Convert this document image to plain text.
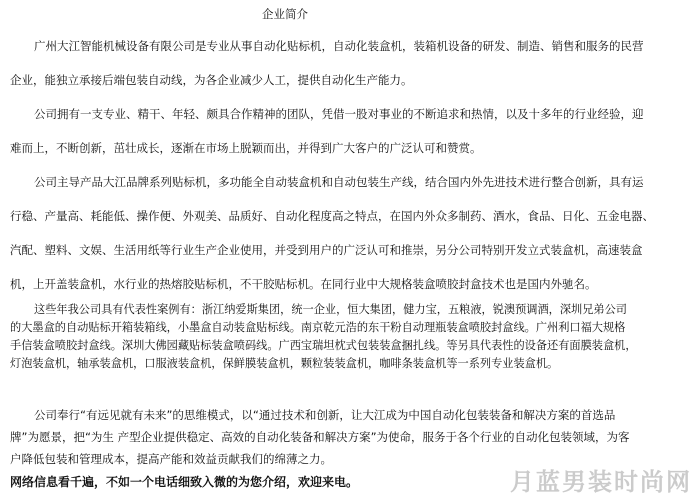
企业简介
广州大江智能机械设备有限公司是专业从事自动化贴标机，自动化装盒机，装箱机设备的研发、制造、销售和服务的民营
企业，能独立承接后端包装自动线，为各企业减少人工，提供自动化生产能力。
公司拥有一支专业、精干、年轻、颇具合作精神的团队，凭借一股对事业的不断追求和热情，以及十多年的行业经验，迎
难而上，不断创新，茁壮成长，逐渐在市场上脱颖而出，并得到广大客户的广泛认可和赞赏。
公司主导产品大江品牌系列贴标机，多功能全自动装盒机和自动包装生产线，结合国内外先进技术进行整合创新，具有运
行稳、产量高、耗能低、操作便、外观美、品质好、自动化程度高之特点，在国内外众多制药、酒水，食品、日化、五金电器、
汽配、塑料、文娱、生活用纸等行业生产企业使用，并受到用户的广泛认可和推崇，另分公司特别开发立式装盒机，高速装盒
机，上开盖装盒机，水行业的热熔胶贴标机，不干胶贴标机。在同行业中大规格装盒喷胶封盒技术也是国内外驰名。
这些年我公司具有代表性案例有：浙江纳爱斯集团，统一企业，恒大集团，健力宝，五粮液，锐澳预调酒，深圳兄弟公司
的大墨盒的自动贴标开箱装箱线，小墨盒自动装盒贴标线。南京乾元浩的东干粉自动理瓶装盒喷胶封盒线。广州利口福大规格
手信装盒喷胶封盒线。深圳大佛园藏贴标装盒喷码线。广西宝瑞坦枕式包装装盒捆扎线。等另具代表性的设备还有面膜装盒机，
灯泡装盒机，轴承装盒机，口服液装盒机，保鲜膜装盒机，颗粒装装盒机，咖啡条装盒机等一系列专业装盒机。
公司奉行“有远见就有未来”的思维模式，以“通过技术和创新，让大江成为中国自动化包装装备和解决方案的首选品
牌”为愿景，把“为生 产型企业提供稳定、高效的自动化装备和解决方案”为使命，服务于各个行业的自动化包装领域，为客
户降低包装和管理成本，提高产能和效益贡献我们的绵薄之力。
网络信息看千遍，不如一个电话细致入微的为您介绍，欢迎来电。	月蓝男装时尚网
